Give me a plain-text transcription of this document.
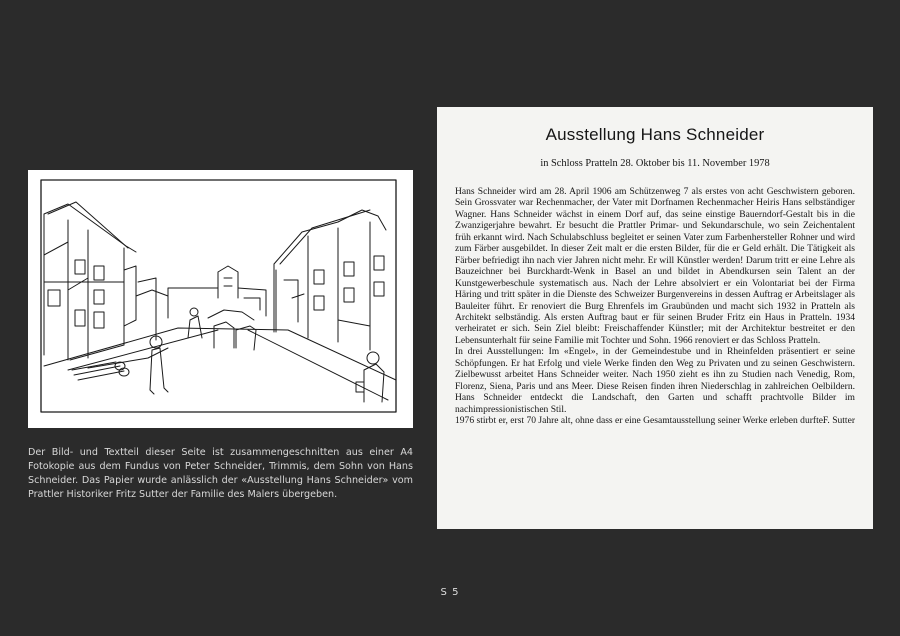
Der Bild- und Textteil dieser Seite ist zusammengeschnitten aus einer A4 Fotokopie aus dem Fundus von Peter Schneider, Trimmis, dem Sohn von Hans Schneider. Das Papier wurde anlässlich der «Ausstellung Hans Schneider» vom Prattler Historiker Fritz Sutter der Familie des Malers übergeben.

Ausstellung Hans Schneider
in Schloss Pratteln 28. Oktober bis 11. November 1978

Hans Schneider wird am 28. April 1906 am Schützenweg 7 als erstes von acht Geschwistern geboren. Sein Grossvater war Rechenmacher, der Vater mit Dorfnamen Rechenmacher Heiris Hans selbständiger Wagner. Hans Schneider wächst in einem Dorf auf, das seine einstige Bauerndorf-Gestalt bis in die Zwanzigerjahre bewahrt. Er besucht die Prattler Primar- und Sekundarschule, wo sein Zeichentalent früh erkannt wird. Nach Schulabschluss begleitet er seinen Vater zum Farbenhersteller Rohner und wird zum Färber ausgebildet. In dieser Zeit malt er die ersten Bilder, für die er Geld erhält. Die Tätigkeit als Färber befriedigt ihn nach vier Jahren nicht mehr. Er will Künstler werden! Darum tritt er eine Lehre als Bauzeichner bei Burckhardt-Wenk in Basel an und bildet in Abendkursen sein Talent an der Kunstgewerbeschule systematisch aus. Nach der Lehre absolviert er ein Volontariat bei der Firma Häring und tritt später in die Dienste des Schweizer Burgenvereins in dessen Auftrag er Arbeitslager als Bauleiter führt. Er renoviert die Burg Ehrenfels im Graubünden und macht sich 1932 in Pratteln als Architekt selbständig. Als ersten Auftrag baut er für seinen Bruder Fritz ein Haus in Pratteln. 1934 verheiratet er sich. Sein Ziel bleibt: Freischaffender Künstler; mit der Architektur bestreitet er den Lebensunterhalt für seine Familie mit Tochter und Sohn. 1966 renoviert er das Schloss Pratteln.

In drei Ausstellungen: Im «Engel», in der Gemeindestube und in Rheinfelden präsentiert er seine Schöpfungen. Er hat Erfolg und viele Werke finden den Weg zu Privaten und zu seinen Geschwistern. Zielbewusst arbeitet Hans Schneider weiter. Nach 1950 zieht es ihn zu Studien nach Venedig, Rom, Florenz, Siena, Paris und ans Meer. Diese Reisen finden ihren Niederschlag in zahlreichen Oelbildern. Hans Schneider entdeckt die Landschaft, den Garten und schafft prachtvolle Bilder im nachimpressionistischen Stil.

1976 stirbt er, erst 70 Jahre alt, ohne dass er eine Gesamtausstellung seiner Werke erleben durfte.
F. Sutter
S 5
